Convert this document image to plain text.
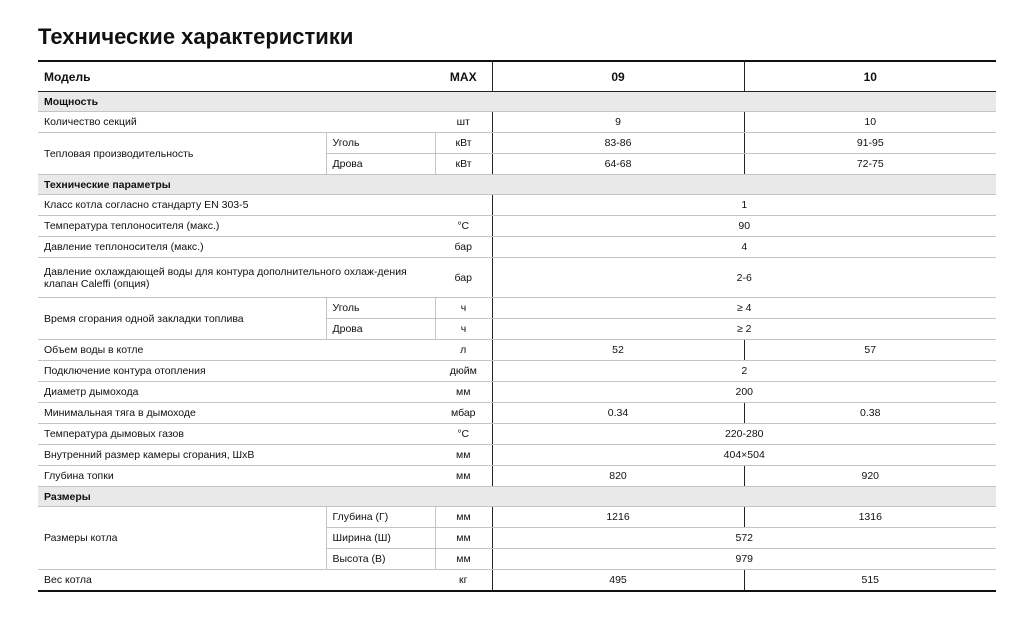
Технические характеристики
Модель		MAX	09	10
Мощность				
Количество секций		шт	9	10
Тепловая производительность	Уголь	кВт	83-86	91-95
	Дрова	кВт	64-68	72-75
Технические параметры				
Класс котла согласно стандарту EN 303-5			1	
Температура теплоносителя (макс.)		°C	90	
Давление теплоносителя (макс.)		бар	4	
Давление охлаждающей воды для контура дополнительного охлаж-дения клапан Caleffi (опция)		бар	2-6	
Время сгорания одной закладки топлива	Уголь	ч	≥ 4	
	Дрова	ч	≥ 2	
Объем воды в котле		л	52	57
Подключение контура отопления		дюйм	2	
Диаметр дымохода		мм	200	
Минимальная тяга в дымоходе		мбар	0.34	0.38
Температура дымовых газов		°C	220-280	
Внутренний размер камеры сгорания, ШxВ		мм	404×504	
Глубина топки		мм	820	920
Размеры				
Размеры котла	Глубина (Г)	мм	1216	1316
	Ширина (Ш)	мм	572	
	Высота (В)	мм	979	
Вес котла		кг	495	515
